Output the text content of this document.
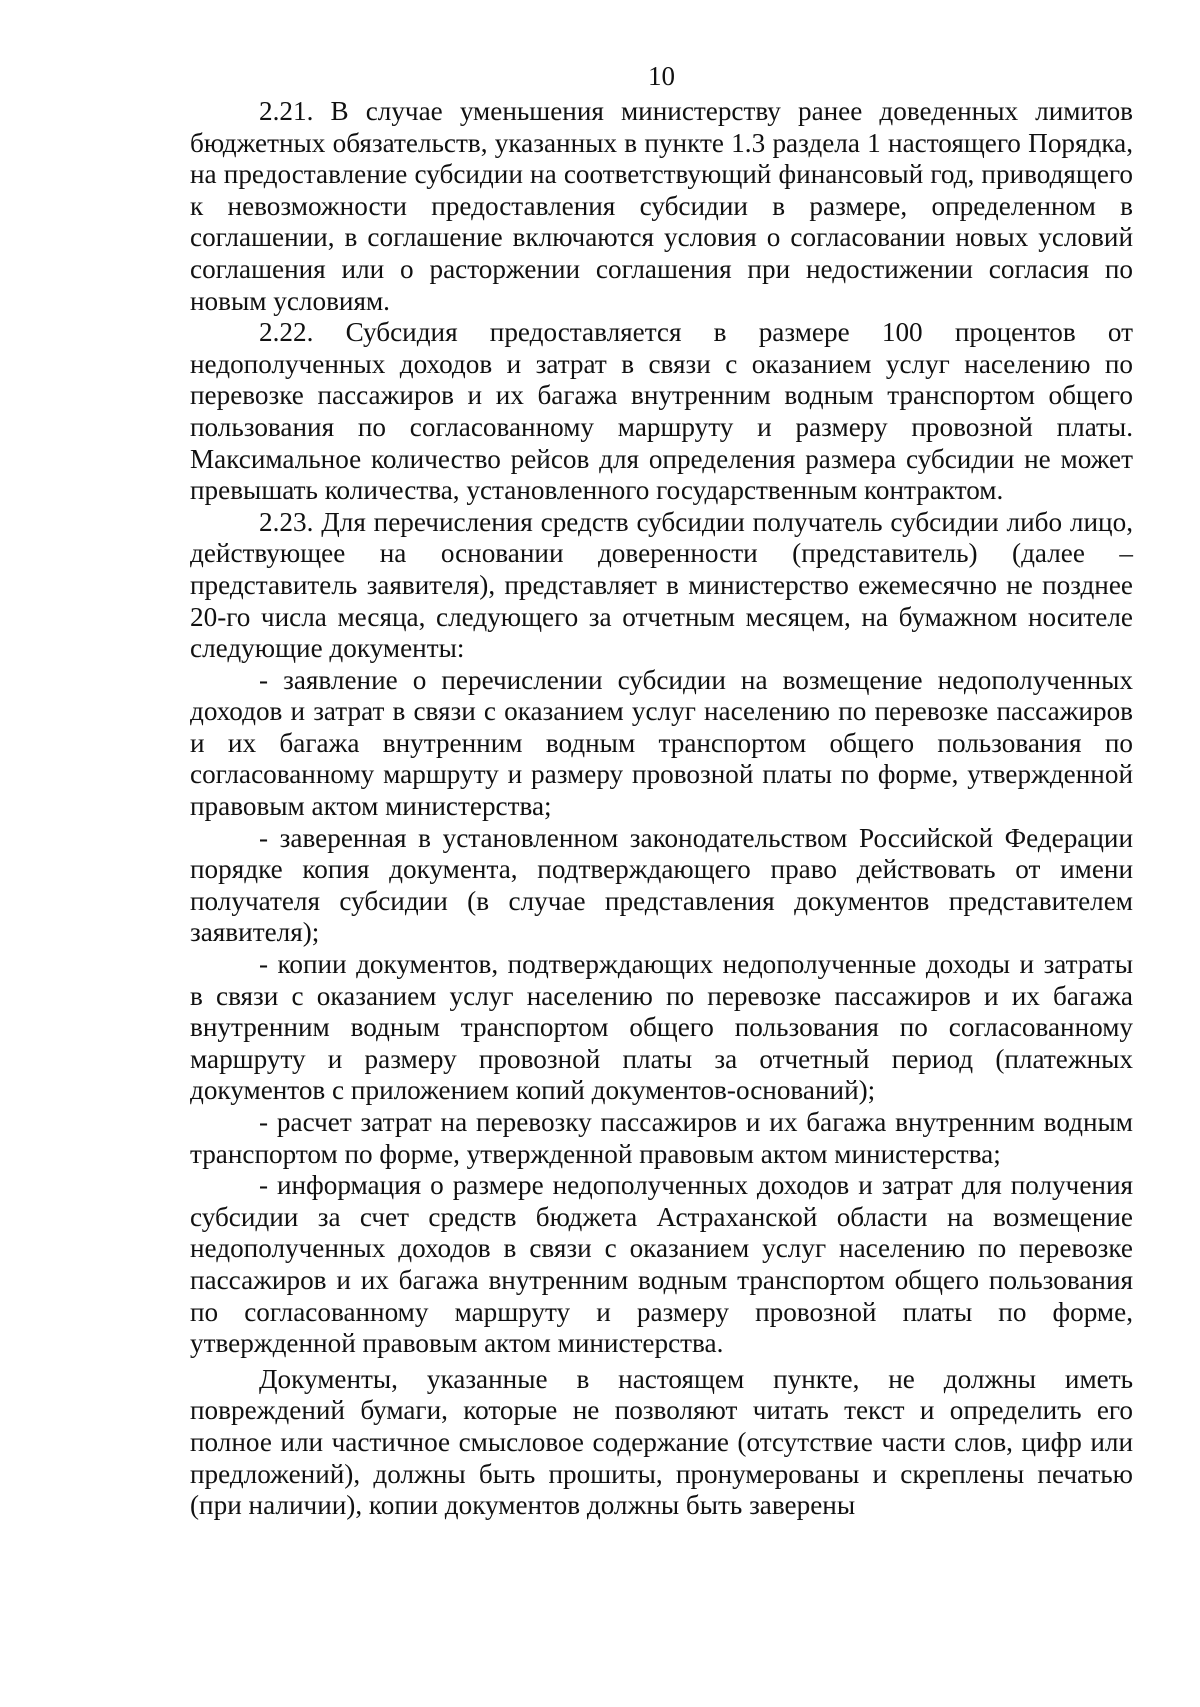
10

2.21. В случае уменьшения министерству ранее доведенных лимитов бюджетных обязательств, указанных в пункте 1.3 раздела 1 настоящего Порядка, на предоставление субсидии на соответствующий финансовый год, приводящего к невозможности предоставления субсидии в размере, определенном в соглашении, в соглашение включаются условия о согласовании новых условий соглашения или о расторжении соглашения при недостижении согласия по новым условиям.

2.22. Субсидия предоставляется в размере 100 процентов от недополученных доходов и затрат в связи с оказанием услуг населению по перевозке пассажиров и их багажа внутренним водным транспортом общего пользования по согласованному маршруту и размеру провозной платы. Максимальное количество рейсов для определения размера субсидии не может превышать количества, установленного государственным контрактом.

2.23. Для перечисления средств субсидии получатель субсидии либо лицо, действующее на основании доверенности (представитель) (далее – представитель заявителя), представляет в министерство ежемесячно не позднее 20-го числа месяца, следующего за отчетным месяцем, на бумажном носителе следующие документы:

- заявление о перечислении субсидии на возмещение недополученных доходов и затрат в связи с оказанием услуг населению по перевозке пассажиров и их багажа внутренним водным транспортом общего пользования по согласованному маршруту и размеру провозной платы по форме, утвержденной правовым актом министерства;

- заверенная в установленном законодательством Российской Федерации порядке копия документа, подтверждающего право действовать от имени получателя субсидии (в случае представления документов представителем заявителя);

- копии документов, подтверждающих недополученные доходы и затраты в связи с оказанием услуг населению по перевозке пассажиров и их багажа внутренним водным транспортом общего пользования по согласованному маршруту и размеру провозной платы за отчетный период (платежных документов с приложением копий документов-оснований);

- расчет затрат на перевозку пассажиров и их багажа внутренним водным транспортом по форме, утвержденной правовым актом министерства;

- информация о размере недополученных доходов и затрат для получения субсидии за счет средств бюджета Астраханской области на возмещение недополученных доходов в связи с оказанием услуг населению по перевозке пассажиров и их багажа внутренним водным транспортом общего пользования по согласованному маршруту и размеру провозной платы по форме, утвержденной правовым актом министерства.

Документы, указанные в настоящем пункте, не должны иметь повреждений бумаги, которые не позволяют читать текст и определить его полное или частичное смысловое содержание (отсутствие части слов, цифр или предложений), должны быть прошиты, пронумерованы и скреплены печатью (при наличии), копии документов должны быть заверены
